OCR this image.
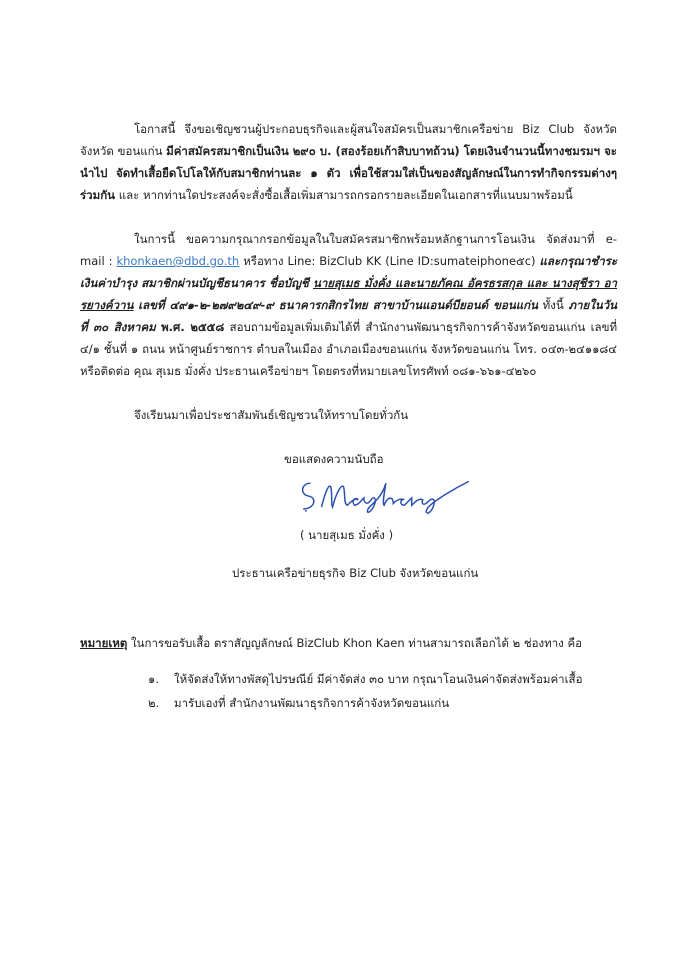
โอกาสนี้ จึงขอเชิญชวนผู้ประกอบธุรกิจและผู้สนใจสมัครเป็นสมาชิกเครือข่าย Biz Club จังหวัดจังหวัด ขอนแก่น มีค่าสมัครสมาชิกเป็นเงิน ๒๙๐ บ. (สองร้อยเก้าสิบบาทถ้วน) โดยเงินจำนวนนี้ทางชมรมฯ จะนำไป จัดทำเสื้อยืดโปโลให้กับสมาชิกท่านละ ๑ ตัว เพื่อใช้สวมใส่เป็นของสัญลักษณ์ในการทำกิจกรรมต่างๆ ร่วมกัน และ หากท่านใดประสงค์จะสั่งซื้อเสื้อเพิ่มสามารถกรอกรายละเอียดในเอกสารที่แนบมาพร้อมนี้

ในการนี้ ขอความกรุณากรอกข้อมูลในใบสมัครสมาชิกพร้อมหลักฐานการโอนเงิน จัดส่งมาที่ e-mail : khonkaen@dbd.go.th หรือทาง Line: BizClub KK (Line ID:sumateiphone๕c) และกรุณาชำระเงินค่าบำรุง สมาชิกผ่านบัญชีธนาคาร ชื่อบัญชี นายสุเมธ มั่งคั่ง และนายภัคณ อัครธรสกุล และ นางสุชีรา อารยางค์วาน เลขที่ ๔๙๑-๒-๒๗๙๒๔๙-๙ ธนาคารกสิกรไทย สาขาบ้านแอนด์บียอนด์ ขอนแก่น ทั้งนี้ ภายในวันที่ ๓๐ สิงหาคม พ.ศ. ๒๕๕๘ สอบถามข้อมูลเพิ่มเติมได้ที่ สำนักงานพัฒนาธุรกิจการค้าจังหวัดขอนแก่น เลขที่ ๔/๑ ชั้นที่ ๑ ถนน หน้าศูนย์ราชการ ตำบลในเมือง อำเภอเมืองขอนแก่น จังหวัดขอนแก่น โทร. ๐๔๓-๒๔๑๑๘๔ หรือติดต่อ คุณ สุเมธ มั่งคั่ง ประธานเครือข่ายฯ โดยตรงที่หมายเลขโทรศัพท์ ๐๘๑-๖๖๑-๔๒๖๐

จึงเรียนมาเพื่อประชาสัมพันธ์เชิญชวนให้ทราบโดยทั่วกัน

ขอแสดงความนับถือ
( นายสุเมธ มั่งคั่ง )
ประธานเครือข่ายธุรกิจ Biz Club จังหวัดขอนแก่น
หมายเหตุ ในการขอรับเสื้อ ตราสัญญลักษณ์ BizClub Khon Kaen ท่านสามารถเลือกได้ ๒ ช่องทาง คือ
๑.	ให้จัดส่งให้ทางพัสดุไปรษณีย์ มีค่าจัดส่ง ๓๐ บาท กรุณาโอนเงินค่าจัดส่งพร้อมค่าเสื้อ
๒.	มารับเองที่ สำนักงานพัฒนาธุรกิจการค้าจังหวัดขอนแก่น
